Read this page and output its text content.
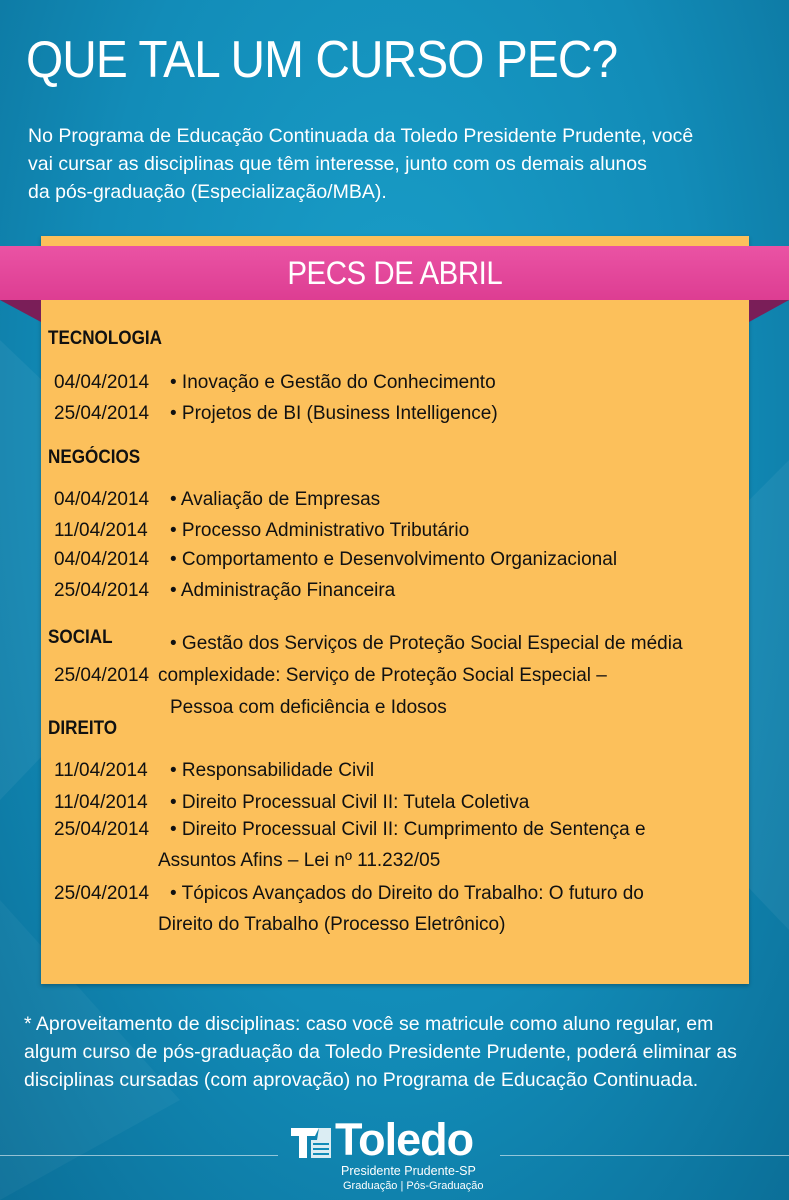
QUE TAL UM CURSO PEC?
No Programa de Educação Continuada da Toledo Presidente Prudente, você
vai cursar as disciplinas que têm interesse, junto com os demais alunos
da pós-graduação (Especialização/MBA).
PECS DE ABRIL
TECNOLOGIA
04/04/2014 • Inovação e Gestão do Conhecimento
25/04/2014 • Projetos de BI (Business Intelligence)
NEGÓCIOS
04/04/2014 • Avaliação de Empresas
11/04/2014 • Processo Administrativo Tributário
04/04/2014 • Comportamento e Desenvolvimento Organizacional
25/04/2014 • Administração Financeira
SOCIAL
25/04/2014
• Gestão dos Serviços de Proteção Social Especial de média
complexidade: Serviço de Proteção Social Especial –
Pessoa com deficiência e Idosos
DIREITO
11/04/2014 • Responsabilidade Civil
11/04/2014 • Direito Processual Civil II: Tutela Coletiva
25/04/2014 • Direito Processual Civil II: Cumprimento de Sentença e
Assuntos Afins – Lei nº 11.232/05
25/04/2014 • Tópicos Avançados do Direito do Trabalho: O futuro do
Direito do Trabalho (Processo Eletrônico)
* Aproveitamento de disciplinas: caso você se matricule como aluno regular, em
algum curso de pós-graduação da Toledo Presidente Prudente, poderá eliminar as
disciplinas cursadas (com aprovação) no Programa de Educação Continuada.
Toledo
Presidente Prudente-SP
Graduação | Pós-Graduação
